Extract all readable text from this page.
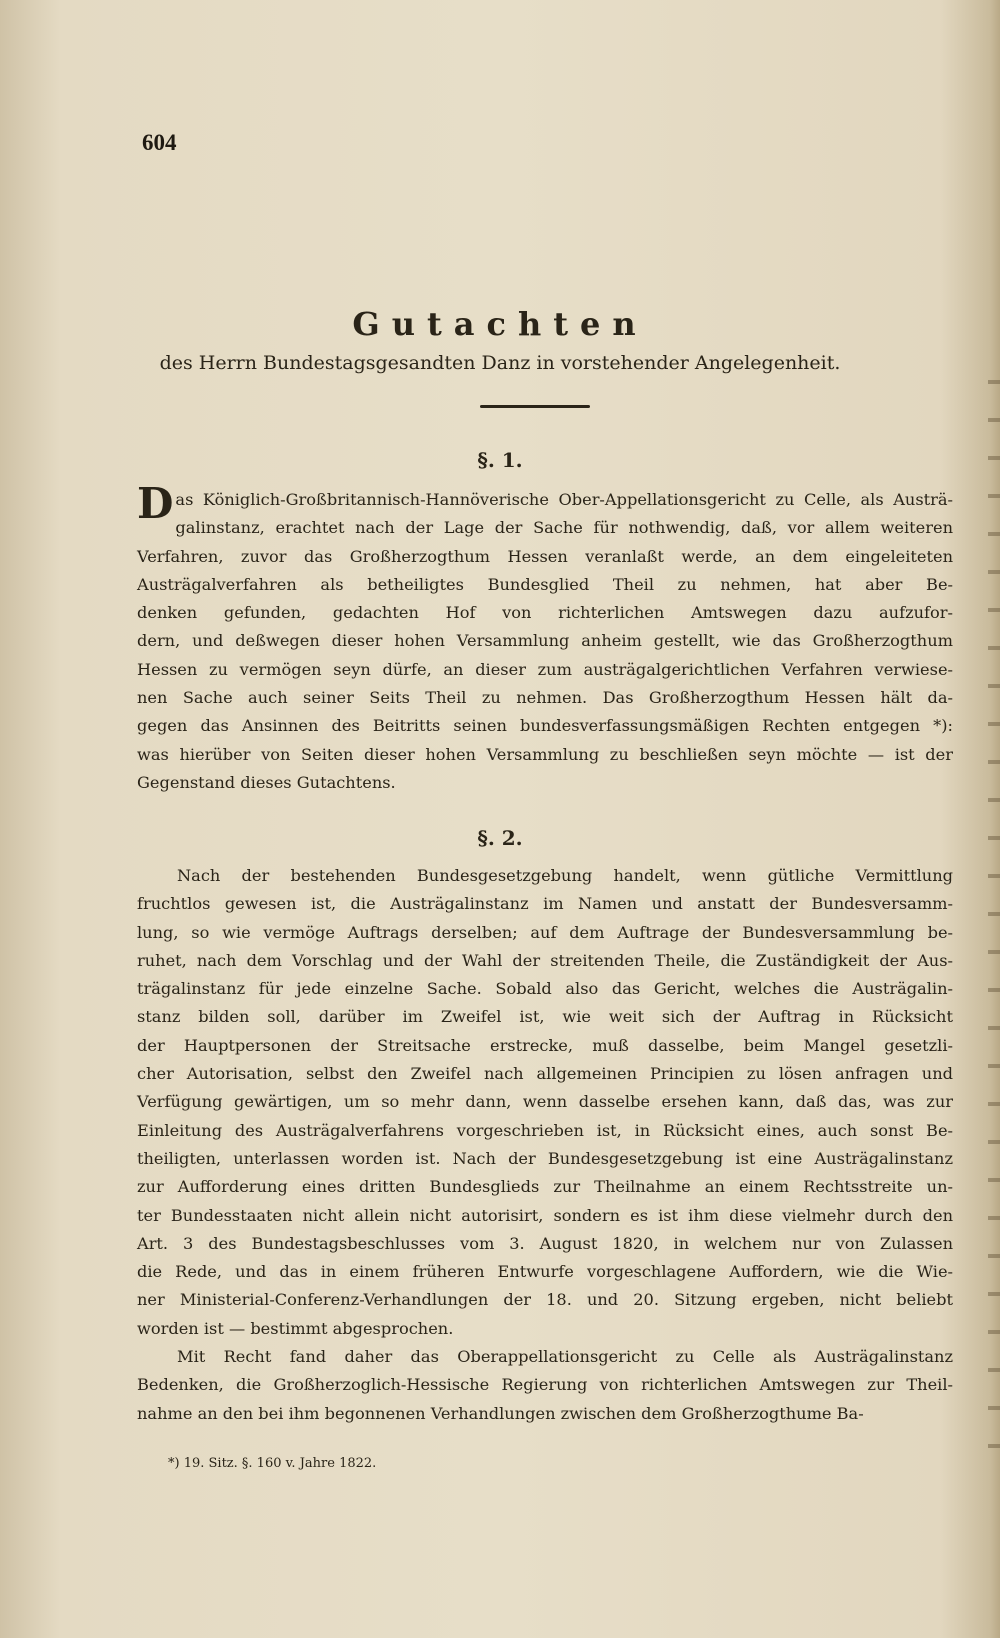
604
Gutachten
des Herrn Bundestagsgesandten Danz in vorstehender Angelegenheit.
§. 1.
D as Königlich-Großbritannisch-Hannöverische Ober-Appellationsgericht zu Celle, als Austrä-
galinstanz, erachtet nach der Lage der Sache für nothwendig, daß, vor allem weiteren
Verfahren, zuvor das Großherzogthum Hessen veranlaßt werde, an dem eingeleiteten
Austrägalverfahren als betheiligtes Bundesglied Theil zu nehmen, hat aber Be-
denken gefunden, gedachten Hof von richterlichen Amtswegen dazu aufzufor-
dern, und deßwegen dieser hohen Versammlung anheim gestellt, wie das Großherzogthum
Hessen zu vermögen seyn dürfe, an dieser zum austrägalgerichtlichen Verfahren verwiese-
nen Sache auch seiner Seits Theil zu nehmen. Das Großherzogthum Hessen hält da-
gegen das Ansinnen des Beitritts seinen bundesverfassungsmäßigen Rechten entgegen *):
was hierüber von Seiten dieser hohen Versammlung zu beschließen seyn möchte — ist der
Gegenstand dieses Gutachtens.
§. 2.
Nach der bestehenden Bundesgesetzgebung handelt, wenn gütliche Vermittlung
fruchtlos gewesen ist, die Austrägalinstanz im Namen und anstatt der Bundesversamm-
lung, so wie vermöge Auftrags derselben; auf dem Auftrage der Bundesversammlung be-
ruhet, nach dem Vorschlag und der Wahl der streitenden Theile, die Zuständigkeit der Aus-
trägalinstanz für jede einzelne Sache. Sobald also das Gericht, welches die Austrägalin-
stanz bilden soll, darüber im Zweifel ist, wie weit sich der Auftrag in Rücksicht
der Hauptpersonen der Streitsache erstrecke, muß dasselbe, beim Mangel gesetzli-
cher Autorisation, selbst den Zweifel nach allgemeinen Principien zu lösen anfragen und
Verfügung gewärtigen, um so mehr dann, wenn dasselbe ersehen kann, daß das, was zur
Einleitung des Austrägalverfahrens vorgeschrieben ist, in Rücksicht eines, auch sonst Be-
theiligten, unterlassen worden ist. Nach der Bundesgesetzgebung ist eine Austrägalinstanz
zur Aufforderung eines dritten Bundesglieds zur Theilnahme an einem Rechtsstreite un-
ter Bundesstaaten nicht allein nicht autorisirt, sondern es ist ihm diese vielmehr durch den
Art. 3 des Bundestagsbeschlusses vom 3. August 1820, in welchem nur von Zulassen
die Rede, und das in einem früheren Entwurfe vorgeschlagene Auffordern, wie die Wie-
ner Ministerial-Conferenz-Verhandlungen der 18. und 20. Sitzung ergeben, nicht beliebt
worden ist — bestimmt abgesprochen.
Mit Recht fand daher das Oberappellationsgericht zu Celle als Austrägalinstanz
Bedenken, die Großherzoglich-Hessische Regierung von richterlichen Amtswegen zur Theil-
nahme an den bei ihm begonnenen Verhandlungen zwischen dem Großherzogthume Ba-
*) 19. Sitz. §. 160 v. Jahre 1822.
